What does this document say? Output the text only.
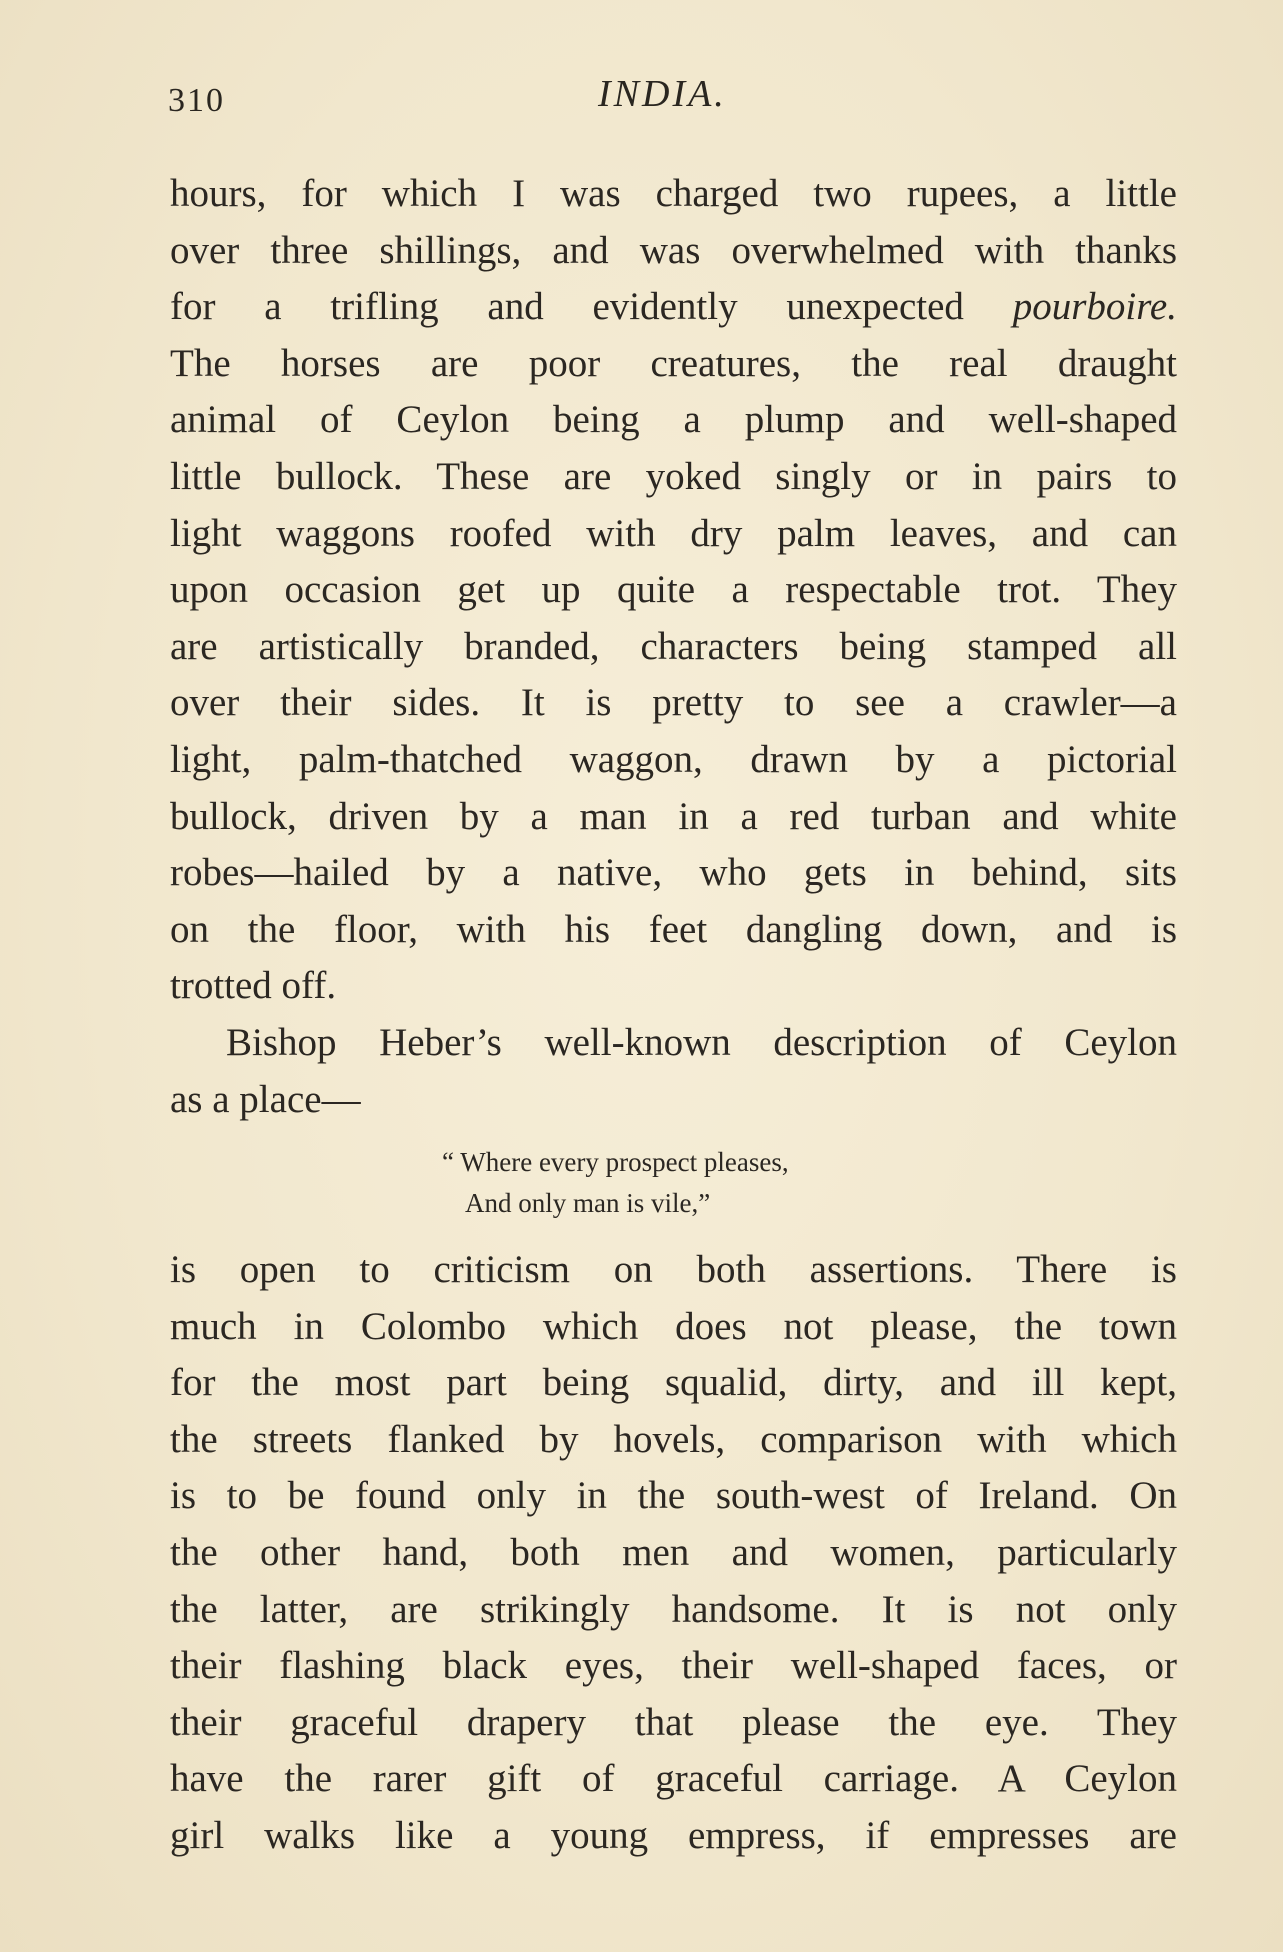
310	INDIA.
hours, for which I was charged two rupees, a little
over three shillings, and was overwhelmed with thanks
for a trifling and evidently unexpected pourboire.
The horses are poor creatures, the real draught
animal of Ceylon being a plump and well-shaped
little bullock. These are yoked singly or in pairs to
light waggons roofed with dry palm leaves, and can
upon occasion get up quite a respectable trot. They
are artistically branded, characters being stamped all
over their sides. It is pretty to see a crawler—a
light, palm-thatched waggon, drawn by a pictorial
bullock, driven by a man in a red turban and white
robes—hailed by a native, who gets in behind, sits
on the floor, with his feet dangling down, and is
trotted off.
Bishop Heber’s well-known description of Ceylon
as a place—
“ Where every prospect pleases,
And only man is vile,”
is open to criticism on both assertions. There is
much in Colombo which does not please, the town
for the most part being squalid, dirty, and ill kept,
the streets flanked by hovels, comparison with which
is to be found only in the south-west of Ireland. On
the other hand, both men and women, particularly
the latter, are strikingly handsome. It is not only
their flashing black eyes, their well-shaped faces, or
their graceful drapery that please the eye. They
have the rarer gift of graceful carriage. A Ceylon
girl walks like a young empress, if empresses are
